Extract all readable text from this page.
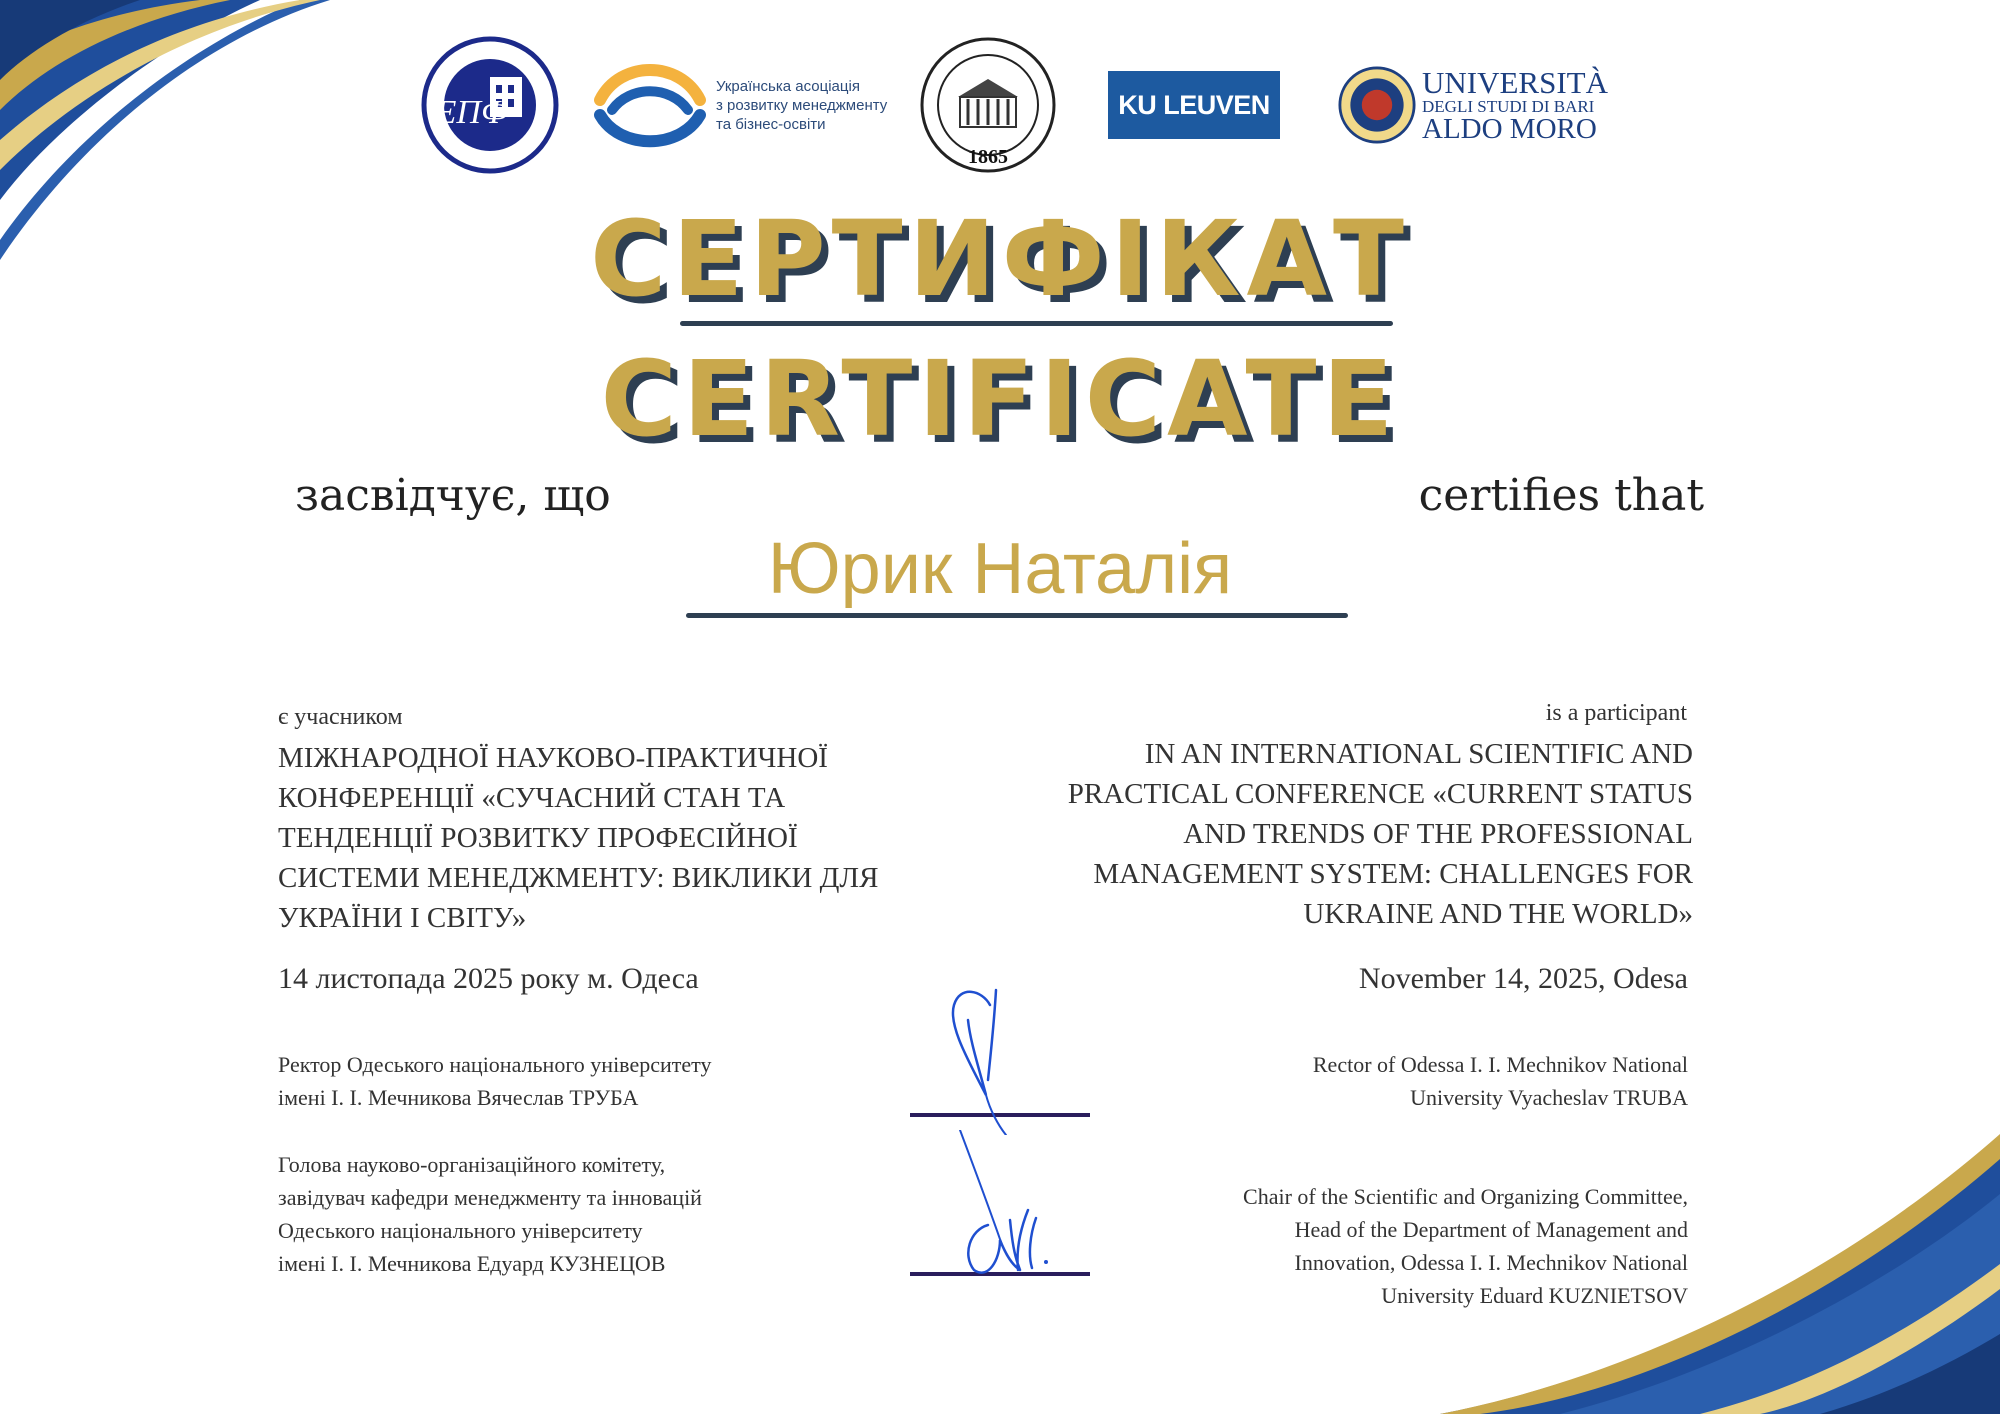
ЕПФ
Українська асоціація
з розвитку менеджменту
та бізнес-освіти
1865
KU LEUVEN
UNIVERSITÀ
DEGLI STUDI DI BARI
ALDO MORO
СЕРТИФІКАТ
CERTIFICATE
засвідчує, що	certifies that
Юрик Наталія
є учасником
МІЖНАРОДНОЇ НАУКОВО-ПРАКТИЧНОЇ
КОНФЕРЕНЦІЇ «СУЧАСНИЙ СТАН ТА
ТЕНДЕНЦІЇ РОЗВИТКУ ПРОФЕСІЙНОЇ
СИСТЕМИ МЕНЕДЖМЕНТУ: ВИКЛИКИ ДЛЯ
УКРАЇНИ І СВІТУ»
is a participant
IN AN INTERNATIONAL SCIENTIFIC AND
PRACTICAL CONFERENCE «CURRENT STATUS
AND TRENDS OF THE PROFESSIONAL
MANAGEMENT SYSTEM: CHALLENGES FOR
UKRAINE AND THE WORLD»
14 листопада 2025 року м. Одеса	November 14, 2025, Odesa
Ректор Одеського національного університету
імені І. І. Мечникова Вячеслав ТРУБА
Rector of Odessa I. I. Mechnikov National
University Vyacheslav TRUBA
Голова науково-організаційного комітету,
завідувач кафедри менеджменту та інновацій
Одеського національного університету
імені І. І. Мечникова Едуард КУЗНЕЦОВ
Chair of the Scientific and Organizing Committee,
Head of the Department of Management and
Innovation, Odessa I. I. Mechnikov National
University Eduard KUZNIETSOV
